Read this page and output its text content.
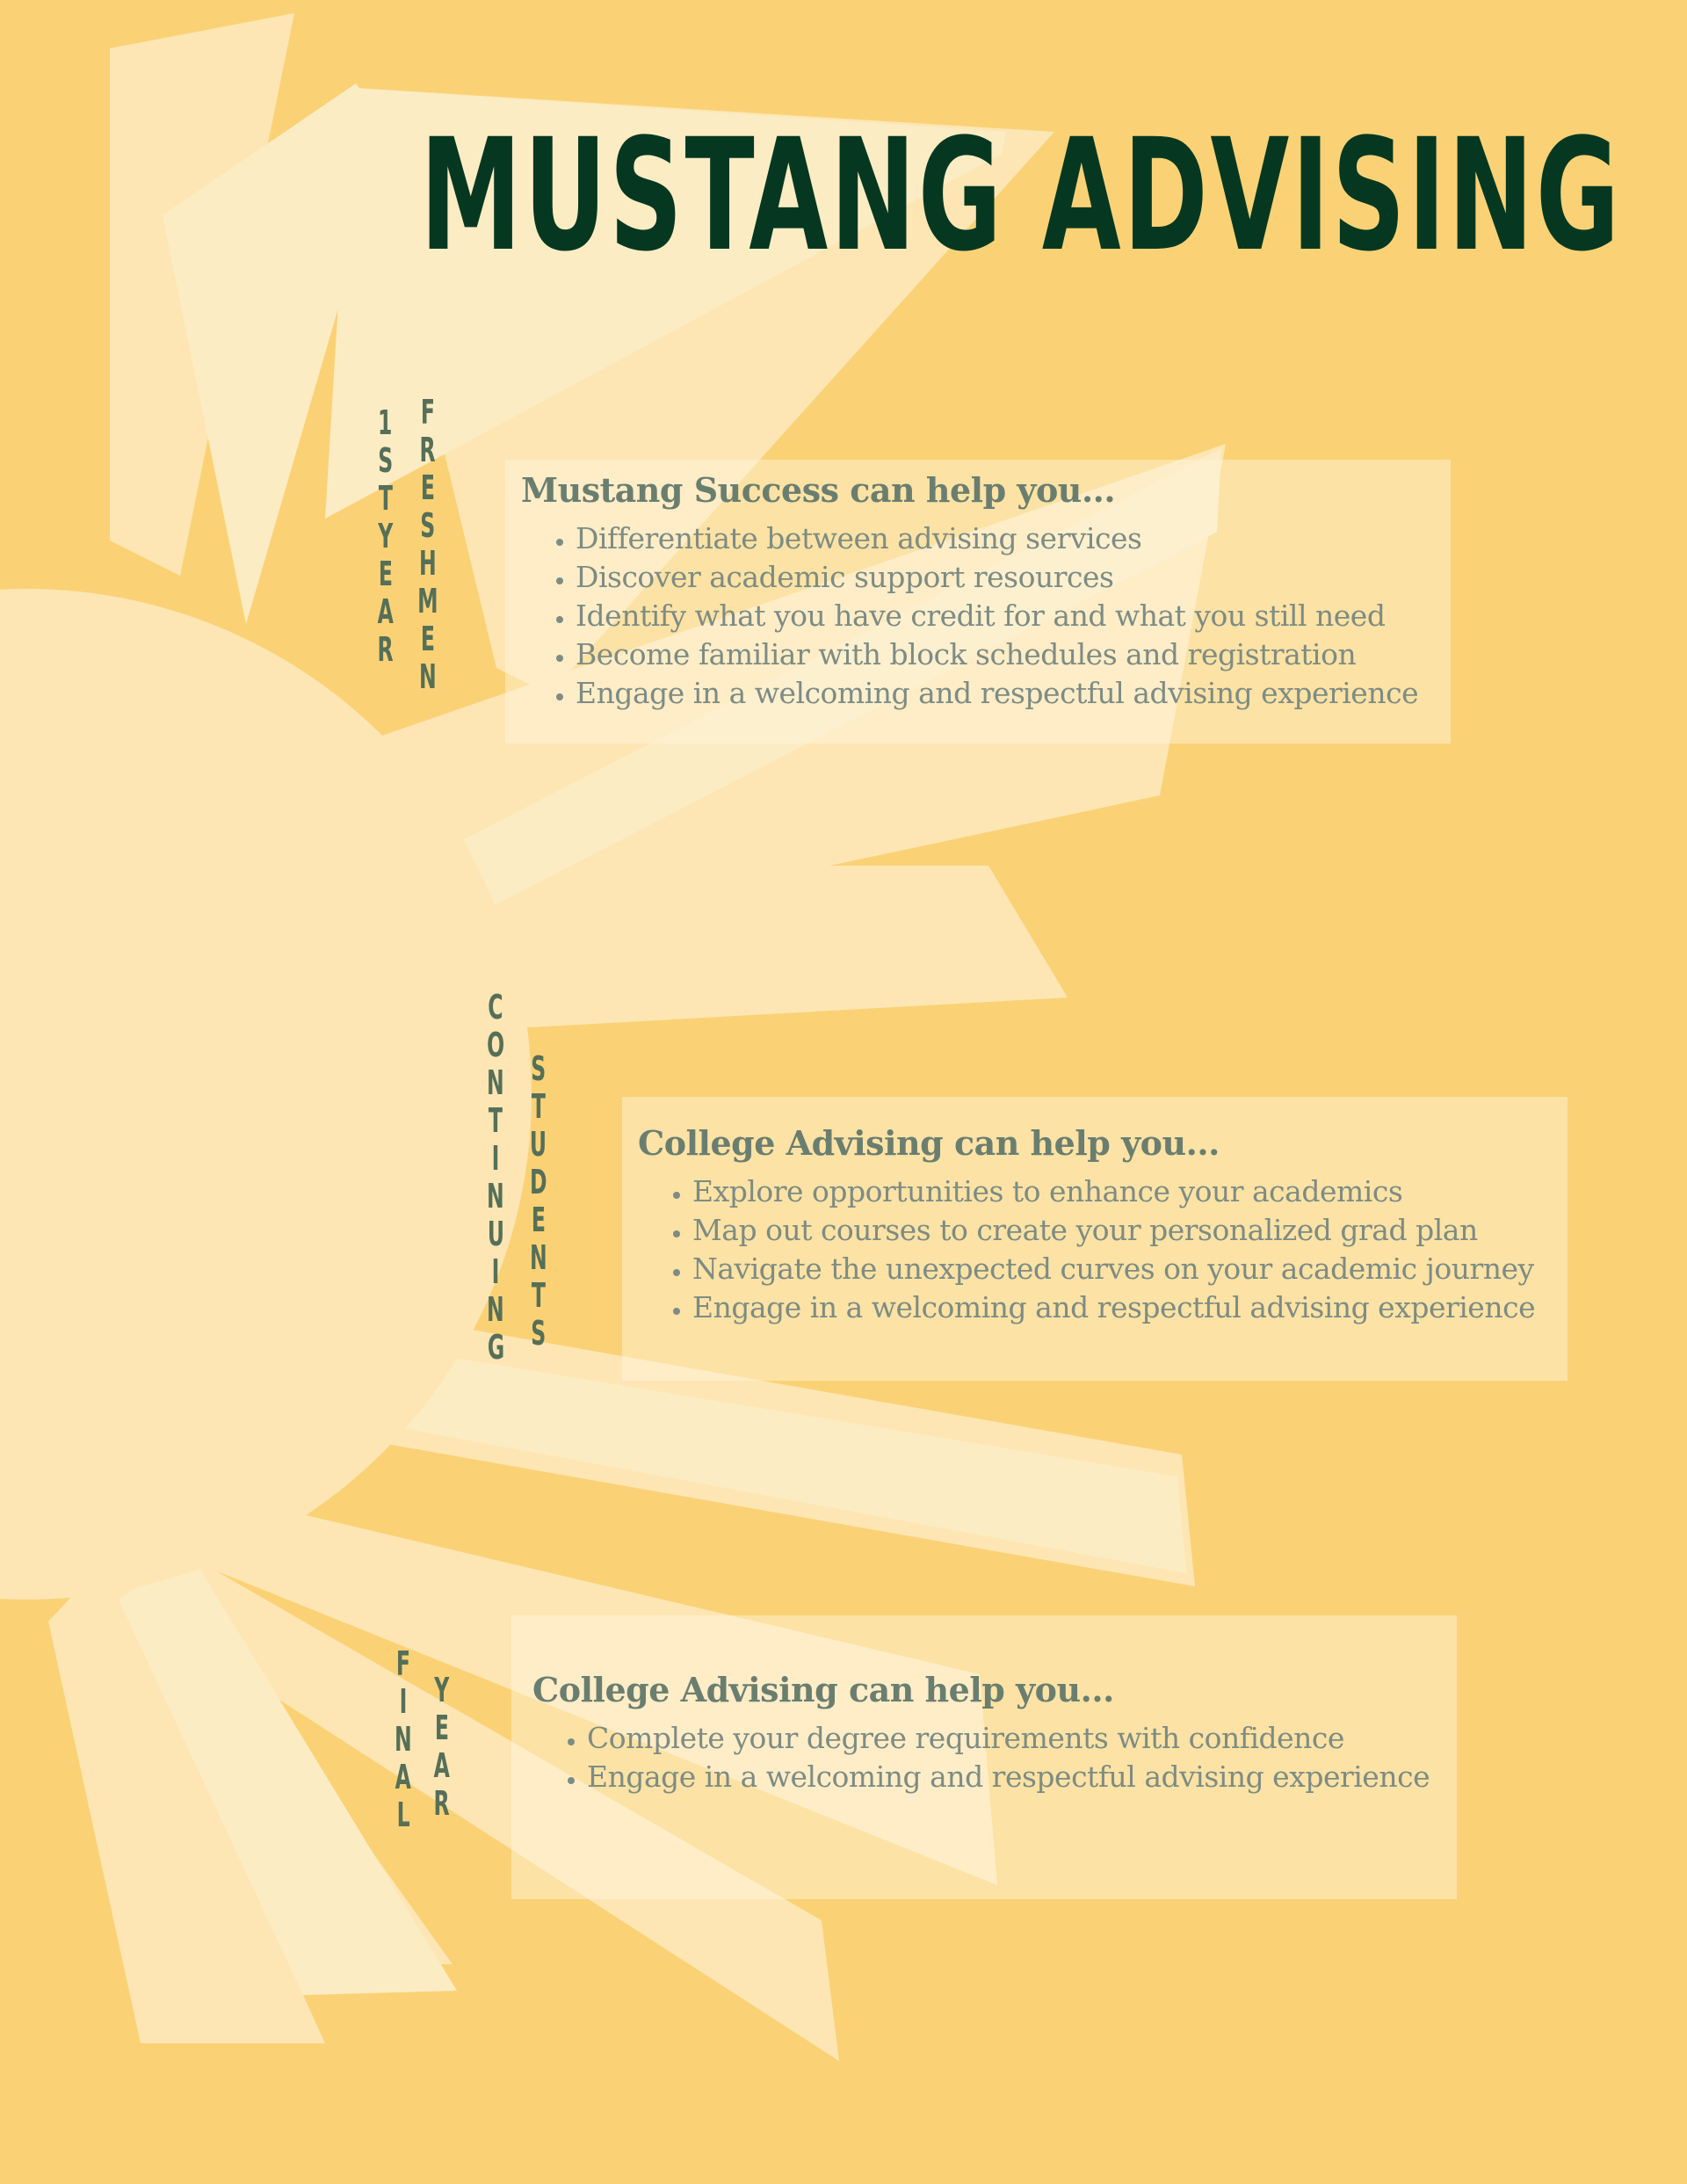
MUSTANG ADVISING
1
S
T
Y
E
A
R
F
R
E
S
H
M
E
N
Mustang Success can help you...
• Differentiate between advising services
• Discover academic support resources
• Identify what you have credit for and what you still need
• Become familiar with block schedules and registration
• Engage in a welcoming and respectful advising experience
C
O
N
T
I
N
U
I
N
G
S
T
U
D
E
N
T
S
College Advising can help you...
• Explore opportunities to enhance your academics
• Map out courses to create your personalized grad plan
• Navigate the unexpected curves on your academic journey
• Engage in a welcoming and respectful advising experience
F
I
N
A
L
Y
E
A
R
College Advising can help you...
• Complete your degree requirements with confidence
• Engage in a welcoming and respectful advising experience
